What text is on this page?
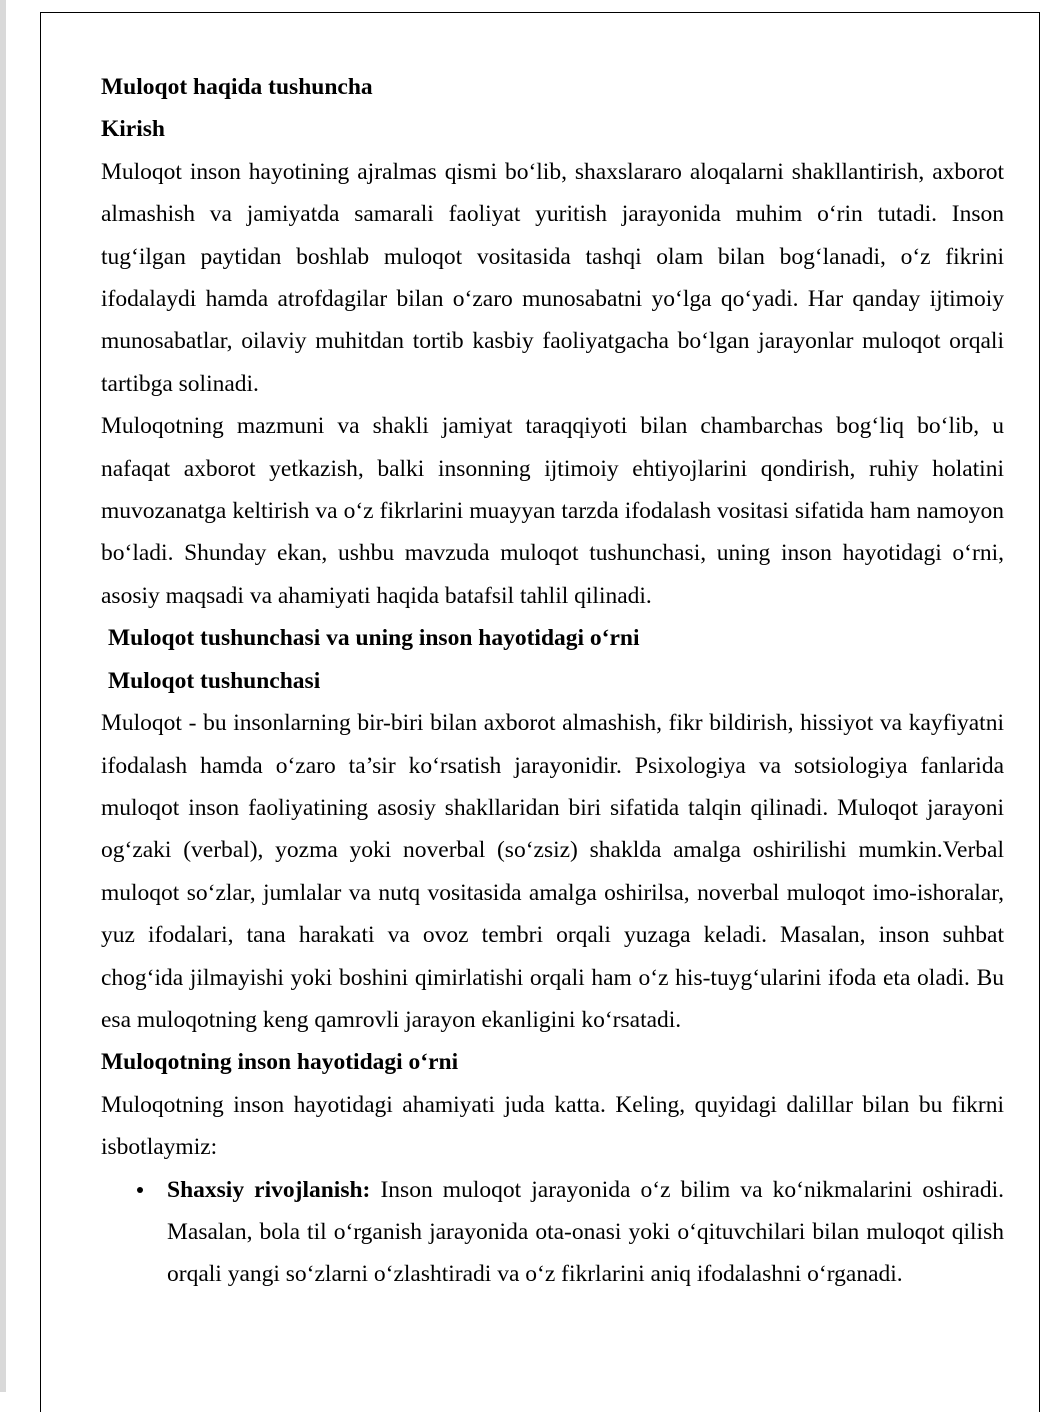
Muloqot haqida tushuncha

Kirish

Muloqot inson hayotining ajralmas qismi bo‘lib, shaxslararo aloqalarni shakllantirish, axborot almashish va jamiyatda samarali faoliyat yuritish jarayonida muhim o‘rin tutadi. Inson tug‘ilgan paytidan boshlab muloqot vositasida tashqi olam bilan bog‘lanadi, o‘z fikrini ifodalaydi hamda atrofdagilar bilan o‘zaro munosabatni yo‘lga qo‘yadi. Har qanday ijtimoiy munosabatlar, oilaviy muhitdan tortib kasbiy faoliyatgacha bo‘lgan jarayonlar muloqot orqali tartibga solinadi.

Muloqotning mazmuni va shakli jamiyat taraqqiyoti bilan chambarchas bog‘liq bo‘lib, u nafaqat axborot yetkazish, balki insonning ijtimoiy ehtiyojlarini qondirish, ruhiy holatini muvozanatga keltirish va o‘z fikrlarini muayyan tarzda ifodalash vositasi sifatida ham namoyon bo‘ladi. Shunday ekan, ushbu mavzuda muloqot tushunchasi, uning inson hayotidagi o‘rni, asosiy maqsadi va ahamiyati haqida batafsil tahlil qilinadi.

Muloqot tushunchasi va uning inson hayotidagi o‘rni

Muloqot tushunchasi

Muloqot - bu insonlarning bir-biri bilan axborot almashish, fikr bildirish, hissiyot va kayfiyatni ifodalash hamda o‘zaro ta’sir ko‘rsatish jarayonidir. Psixologiya va sotsiologiya fanlarida muloqot inson faoliyatining asosiy shakllaridan biri sifatida talqin qilinadi. Muloqot jarayoni og‘zaki (verbal), yozma yoki noverbal (so‘zsiz) shaklda amalga oshirilishi mumkin.Verbal muloqot so‘zlar, jumlalar va nutq vositasida amalga oshirilsa, noverbal muloqot imo-ishoralar, yuz ifodalari, tana harakati va ovoz tembri orqali yuzaga keladi. Masalan, inson suhbat chog‘ida jilmayishi yoki boshini qimirlatishi orqali ham o‘z his-tuyg‘ularini ifoda eta oladi. Bu esa muloqotning keng qamrovli jarayon ekanligini ko‘rsatadi.

Muloqotning inson hayotidagi o‘rni

Muloqotning inson hayotidagi ahamiyati juda katta. Keling, quyidagi dalillar bilan bu fikrni isbotlaymiz:

Shaxsiy rivojlanish: Inson muloqot jarayonida o‘z bilim va ko‘nikmalarini oshiradi. Masalan, bola til o‘rganish jarayonida ota-onasi yoki o‘qituvchilari bilan muloqot qilish orqali yangi so‘zlarni o‘zlashtiradi va o‘z fikrlarini aniq ifodalashni o‘rganadi.
